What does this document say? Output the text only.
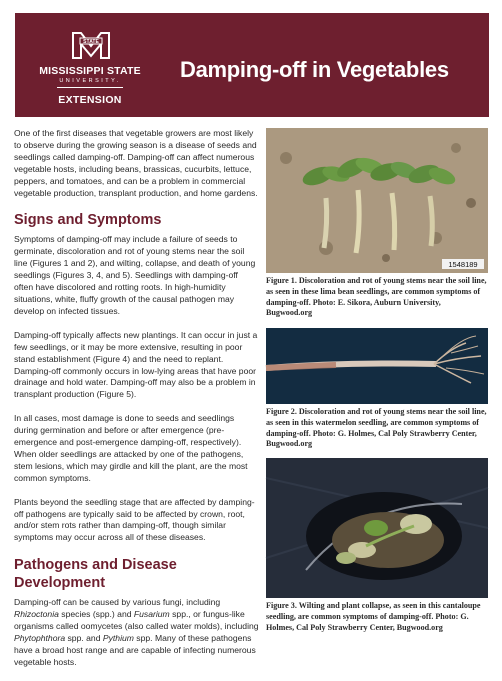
STATE
MISSISSIPPI STATE
UNIVERSITY.
EXTENSION
Damping-off in Vegetables

One of the first diseases that vegetable growers are most likely to observe during the growing season is a disease of seeds and seedlings called damping-off. Damping-off can affect numerous vegetable hosts, including beans, brassicas, cucurbits, lettuce, peppers, and tomatoes, and can be a problem in commercial vegetable production, transplant production, and home gardens.

Signs and Symptoms

Symptoms of damping-off may include a failure of seeds to germinate, discoloration and rot of young stems near the soil line (Figures 1 and 2), and wilting, collapse, and death of young seedlings (Figures 3, 4, and 5). Seedlings with damping-off often have discolored and rotting roots. In high-humidity situations, white, fluffy growth of the causal pathogen may develop on infected tissues.

Damping-off typically affects new plantings. It can occur in just a few seedlings, or it may be more extensive, resulting in poor stand establishment (Figure 4) and the need to replant. Damping-off commonly occurs in low-lying areas that have poor drainage and hold water. Damping-off may also be a problem in transplant production (Figure 5).

In all cases, most damage is done to seeds and seedlings during germination and before or after emergence (pre-emergence and post-emergence damping-off, respectively). When older seedlings are attacked by one of the pathogens, stem lesions, which may girdle and kill the plant, are the most common symptoms.

Plants beyond the seedling stage that are affected by damping-off pathogens are typically said to be affected by crown, root, and/or stem rots rather than damping-off, though similar symptoms may occur across all of these diseases.

Pathogens and Disease Development

Damping-off can be caused by various fungi, including Rhizoctonia species (spp.) and Fusarium spp., or fungus-like organisms called oomycetes (also called water molds), including Phytophthora spp. and Pythium spp. Many of these pathogens have a broad host range and are capable of infecting numerous vegetable hosts.

1548189
Figure 1. Discoloration and rot of young stems near the soil line, as seen in these lima bean seedlings, are common symptoms of damping-off. Photo: E. Sikora, Auburn University, Bugwood.org
Figure 2. Discoloration and rot of young stems near the soil line, as seen in this watermelon seedling, are common symptoms of damping-off. Photo: G. Holmes, Cal Poly Strawberry Center, Bugwood.org
Figure 3. Wilting and plant collapse, as seen in this cantaloupe seedling, are common symptoms of damping-off. Photo: G. Holmes, Cal Poly Strawberry Center, Bugwood.org
